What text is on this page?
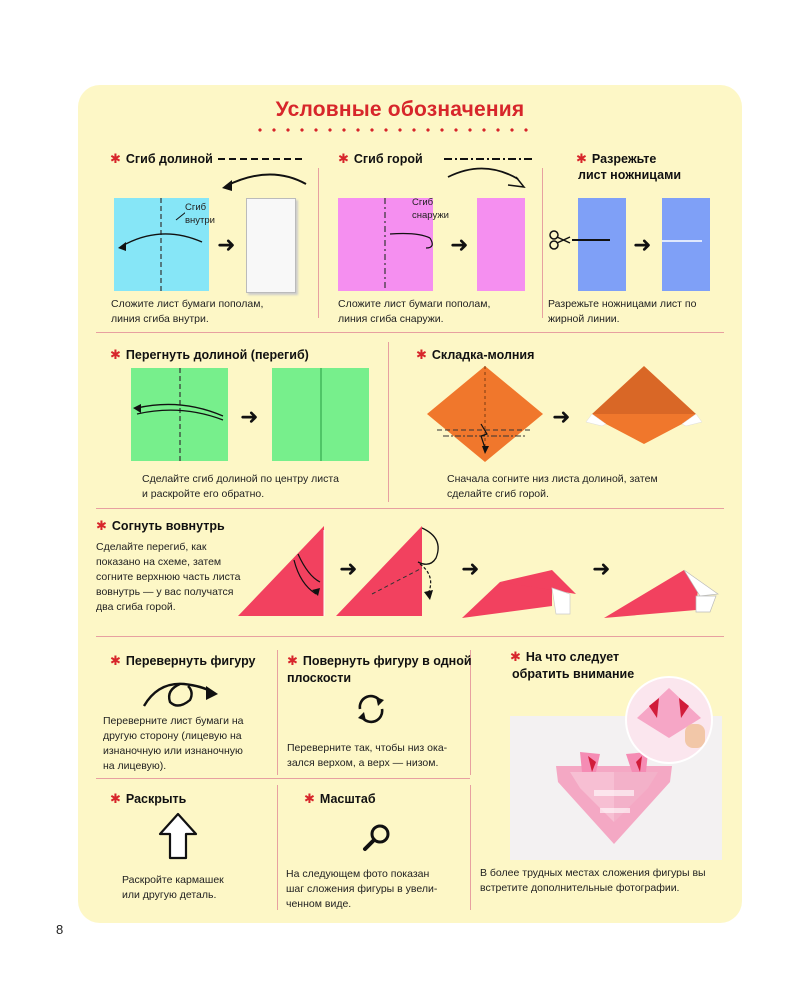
Условные обозначения
✱ Сгиб долиной
Сгиб
внутри
➜
Сложите лист бумаги пополам,
линия сгиба внутри.
✱ Сгиб горой
Сгиб
снаружи
➜
Сложите лист бумаги пополам,
линия сгиба снаружи.
✱ Разрежьте
лист ножницами
➜
Разрежьте ножницами лист по
жирной линии.
✱ Перегнуть долиной (перегиб)
➜
Сделайте сгиб долиной по центру листа
и раскройте его обратно.
✱ Складка-молния
➜
Сначала согните низ листа долиной, затем
сделайте сгиб горой.
✱ Согнуть вовнутрь
Сделайте перегиб, как
показано на схеме, затем
согните верхнюю часть листа
вовнутрь — у вас получатся
два сгиба горой.
➜	➜	➜
✱ Перевернуть фигуру
Переверните лист бумаги на
другую сторону (лицевую на
изнаночную или изнаночную
на лицевую).
✱ Повернуть фигуру в одной
плоскости
Переверните так, чтобы низ ока-
зался верхом, а верх — низом.
✱ На что следует
обратить внимание
В более трудных местах сложения фигуры вы
встретите дополнительные фотографии.
✱ Раскрыть
Раскройте кармашек
или другую деталь.
✱ Масштаб
На следующем фото показан
шаг сложения фигуры в увели-
ченном виде.
8
